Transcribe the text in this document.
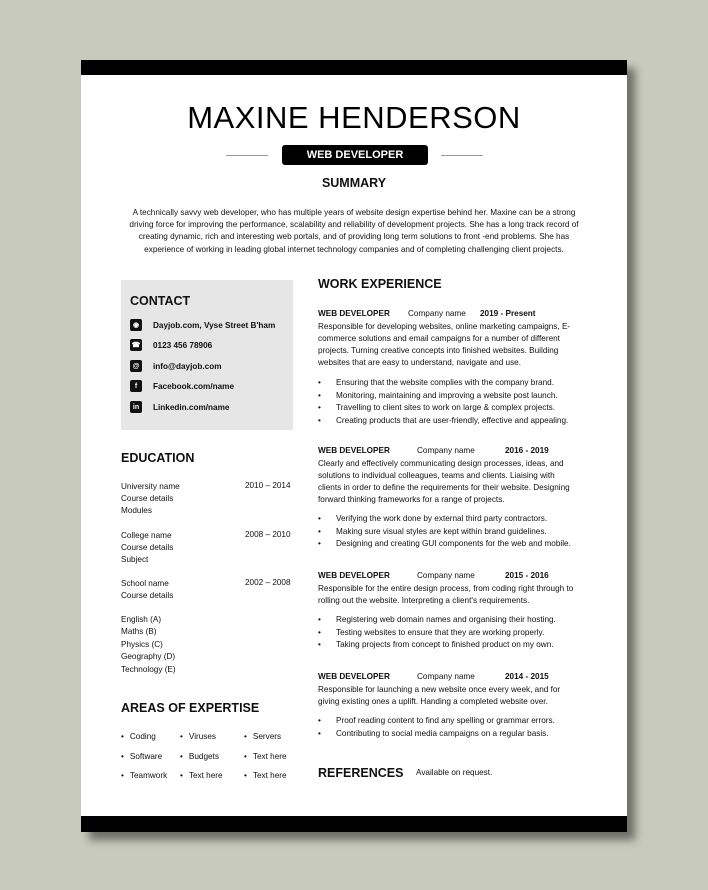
MAXINE HENDERSON
WEB DEVELOPER
SUMMARY
A technically savvy web developer, who has multiple years of website design expertise behind her. Maxine can be a strong driving force for improving the performance, scalability and reliability of development projects. She has a long track record of creating dynamic, rich and interesting web portals, and of providing long term solutions to front -end problems. She has experience of working in leading global internet technology companies and of completing challenging client projects.
CONTACT
◉	Dayjob.com, Vyse Street B'ham
☎ 0123 456 78906
@	info@dayjob.com
f	Facebook.com/name
in	Linkedin.com/name
EDUCATION
University name
Course details
Modules
2010 – 2014
College name
Course details
Subject
2008 – 2010
School name
Course details
2002 – 2008
English (A)
Maths (B)
Physics (C)
Geography (D)
Technology (E)
AREAS OF EXPERTISE
• Coding	• Viruses	• Servers
• Software	• Budgets	• Text here
• Teamwork	• Text here	• Text here
WORK EXPERIENCE
WEB DEVELOPER Company name 2019 - Present
Responsible for developing websites, online marketing campaigns, E-commerce solutions and email campaigns for a number of different projects. Turning creative concepts into finished websites. Building websites that are easy to understand, navigate and use.
• Ensuring that the website complies with the company brand.
• Monitoring, maintaining and improving a website post launch.
• Travelling to client sites to work on large & complex projects.
• Creating products that are user-friendly, effective and appealing.
WEB DEVELOPER	Company name	2016 - 2019
Clearly and effectively communicating design processes, ideas, and solutions to individual colleagues, teams and clients. Liaising with clients in order to define the requirements for their website. Designing forward thinking frameworks for a range of projects.
• Verifying the work done by external third party contractors.
• Making sure visual styles are kept within brand guidelines.
• Designing and creating GUI components for the web and mobile.
WEB DEVELOPER	Company name	2015 - 2016
Responsible for the entire design process, from coding right through to rolling out the website. Interpreting a client's requirements.
• Registering web domain names and organising their hosting.
• Testing websites to ensure that they are working properly.
• Taking projects from concept to finished product on my own.
WEB DEVELOPER	Company name	2014 - 2015
Responsible for launching a new website once every week, and for giving existing ones a uplift. Handing a completed website over.
• Proof reading content to find any spelling or grammar errors.
• Contributing to social media campaigns on a regular basis.
REFERENCES Available on request.
